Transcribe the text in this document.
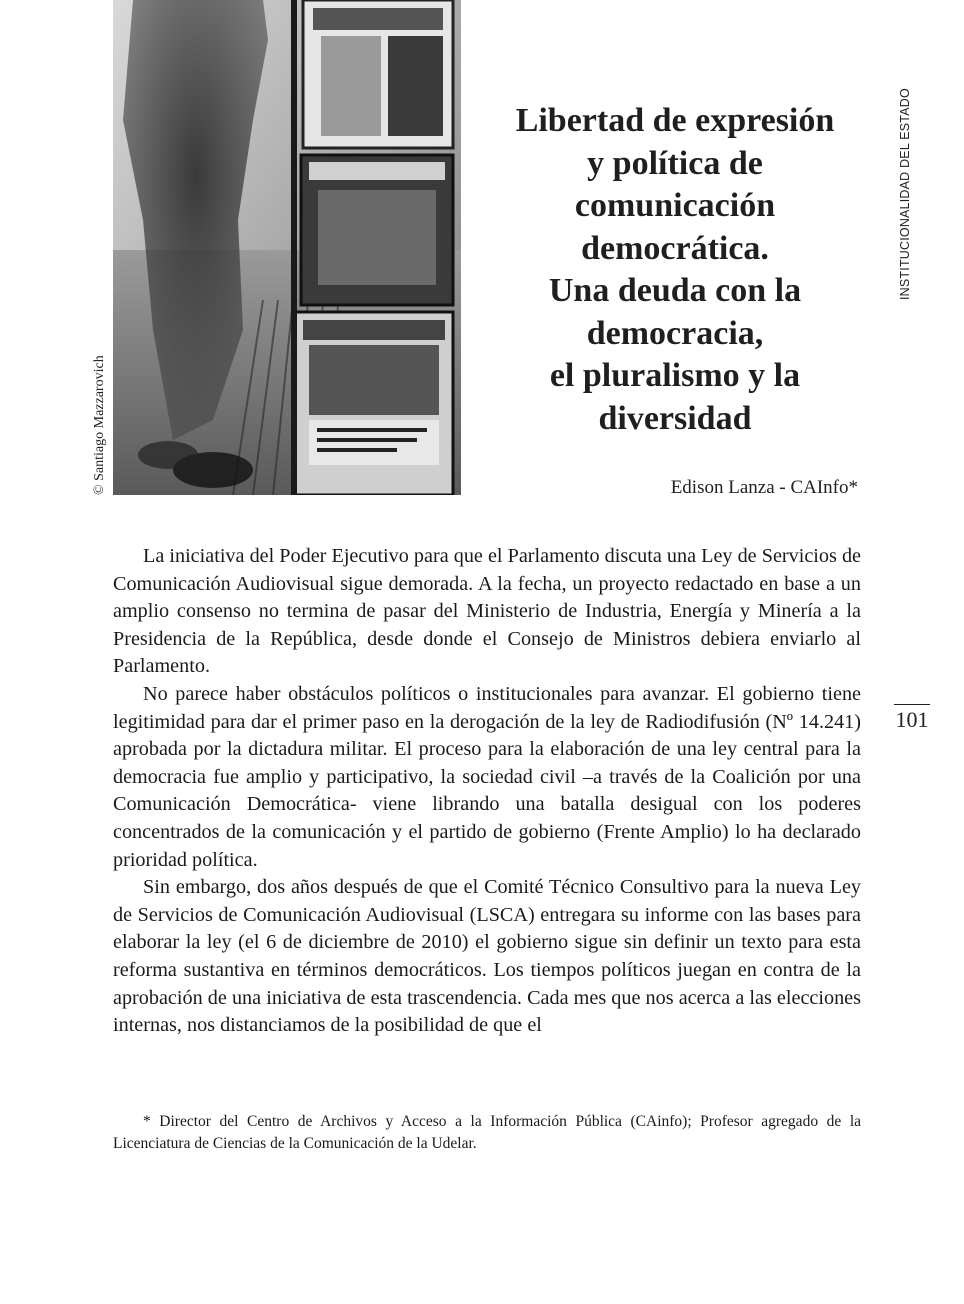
© Santiago Mazzarovich
INSTITUCIONALIDAD DEL ESTADO
Libertad de expresión
y política de
comunicación
democrática.
Una deuda con la
democracia,
el pluralismo y la
diversidad
Edison Lanza - CAInfo*
101

La iniciativa del Poder Ejecutivo para que el Parlamento discuta una Ley de Servicios de Comunicación Audiovisual sigue demorada. A la fecha, un proyecto redactado en base a un amplio consenso no termina de pasar del Ministerio de Industria, Energía y Minería a la Presidencia de la República, desde donde el Consejo de Ministros debiera enviarlo al Parlamento.

No parece haber obstáculos políticos o institucionales para avanzar. El gobierno tiene legitimidad para dar el primer paso en la derogación de la ley de Radiodifusión (Nº 14.241) aprobada por la dictadura militar. El proceso para la elaboración de una ley central para la democracia fue amplio y participativo, la sociedad civil –a través de la Coalición por una Comunicación Democrática- viene librando una batalla desigual con los poderes concentrados de la comunicación y el partido de gobierno (Frente Amplio) lo ha declarado prioridad política.

Sin embargo, dos años después de que el Comité Técnico Consultivo para la nueva Ley de Servicios de Comunicación Audiovisual (LSCA) entregara su informe con las bases para elaborar la ley (el 6 de diciembre de 2010) el gobierno sigue sin definir un texto para esta reforma sustantiva en términos democráticos. Los tiempos políticos juegan en contra de la aprobación de una iniciativa de esta trascendencia. Cada mes que nos acerca a las elecciones internas, nos distanciamos de la posibilidad de que el

* Director del Centro de Archivos y Acceso a la Información Pública (CAinfo); Profesor agregado de la Licenciatura de Ciencias de la Comunicación de la Udelar.
